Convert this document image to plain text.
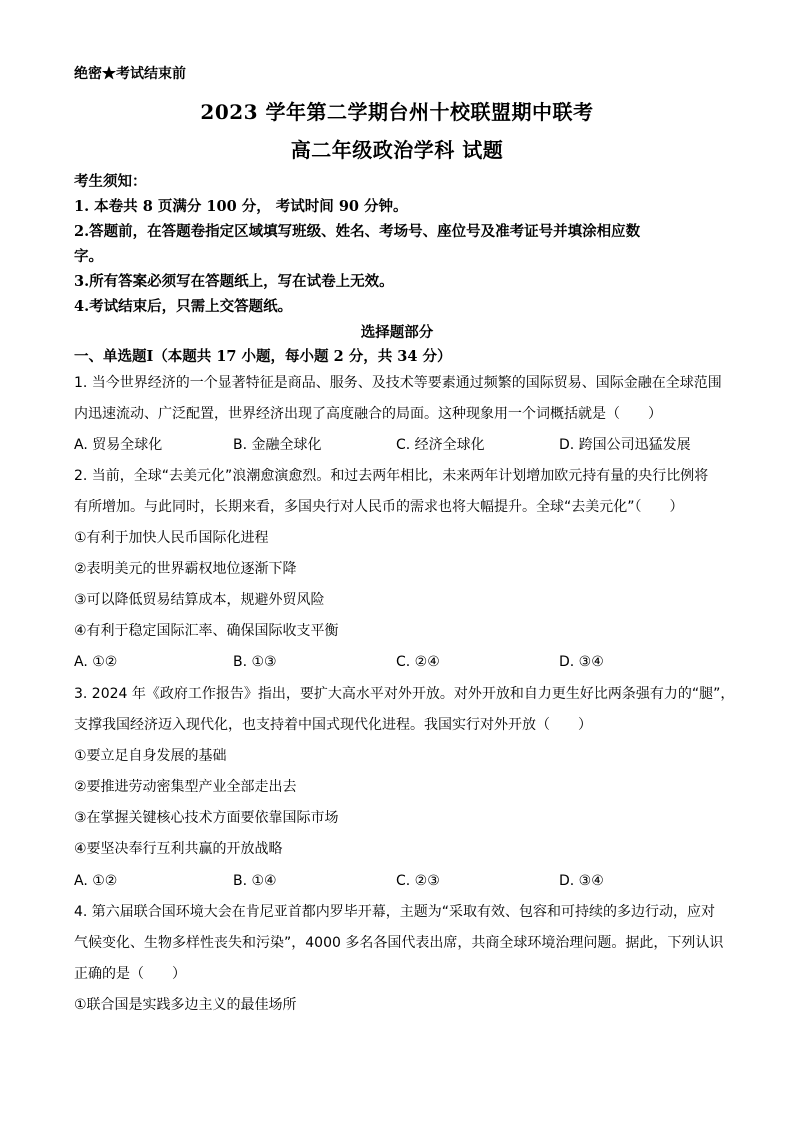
绝密★考试结束前
2023 学年第二学期台州十校联盟期中联考
高二年级政治学科 试题
考生须知：
1. 本卷共 8 页满分 100 分， 考试时间 90 分钟。
2.答题前，在答题卷指定区域填写班级、姓名、考场号、座位号及准考证号并填涂相应数
字。
3.所有答案必须写在答题纸上，写在试卷上无效。
4.考试结束后，只需上交答题纸。
选择题部分
一、单选题Ⅰ（本题共 17 小题，每小题 2 分，共 34 分）
1. 当今世界经济的一个显著特征是商品、服务、及技术等要素通过频繁的国际贸易、国际金融在全球范围
内迅速流动、广泛配置，世界经济出现了高度融合的局面。这种现象用一个词概括就是（　　）
A. 贸易全球化	B. 金融全球化	C. 经济全球化	D. 跨国公司迅猛发展
2. 当前，全球“去美元化”浪潮愈演愈烈。和过去两年相比，未来两年计划增加欧元持有量的央行比例将
有所增加。与此同时，长期来看，多国央行对人民币的需求也将大幅提升。全球“去美元化”（　　）
①有利于加快人民币国际化进程
②表明美元的世界霸权地位逐渐下降
③可以降低贸易结算成本，规避外贸风险
④有利于稳定国际汇率、确保国际收支平衡
A. ①②	B. ①③	C. ②④	D. ③④
3. 2024 年《政府工作报告》指出，要扩大高水平对外开放。对外开放和自力更生好比两条强有力的“腿”，
支撑我国经济迈入现代化，也支持着中国式现代化进程。我国实行对外开放（　　）
①要立足自身发展的基础
②要推进劳动密集型产业全部走出去
③在掌握关键核心技术方面要依靠国际市场
④要坚决奉行互利共赢的开放战略
A. ①②	B. ①④	C. ②③	D. ③④
4. 第六届联合国环境大会在肯尼亚首都内罗毕开幕，主题为“采取有效、包容和可持续的多边行动，应对
气候变化、生物多样性丧失和污染”，4000 多名各国代表出席，共商全球环境治理问题。据此，下列认识
正确的是（　　）
①联合国是实践多边主义的最佳场所
